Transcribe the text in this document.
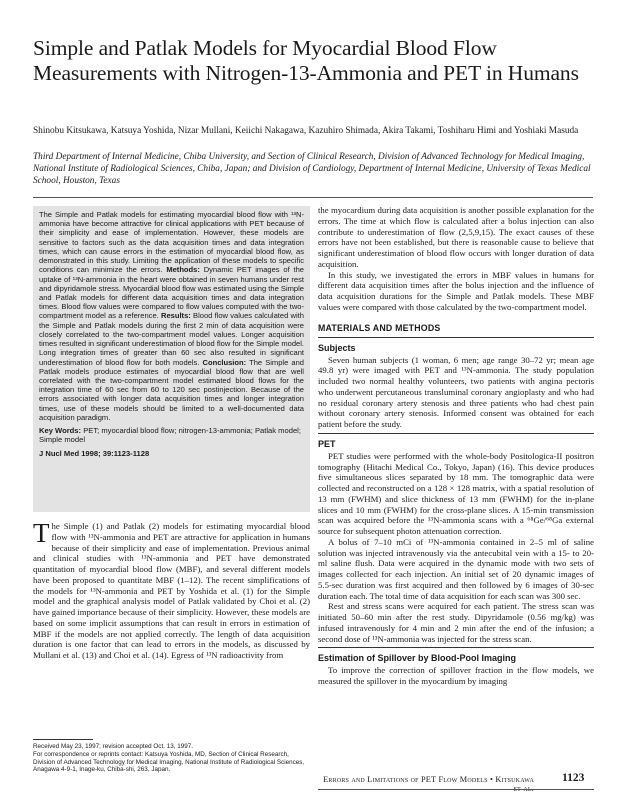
Simple and Patlak Models for Myocardial Blood Flow Measurements with Nitrogen-13-Ammonia and PET in Humans

Shinobu Kitsukawa, Katsuya Yoshida, Nizar Mullani, Keiichi Nakagawa, Kazuhiro Shimada, Akira Takami, Toshiharu Himi and Yoshiaki Masuda

Third Department of Internal Medicine, Chiba University, and Section of Clinical Research, Division of Advanced Technology for Medical Imaging, National Institute of Radiological Sciences, Chiba, Japan; and Division of Cardiology, Department of Internal Medicine, University of Texas Medical School, Houston, Texas

The Simple and Patlak models for estimating myocardial blood flow with ¹³N-ammonia have become attractive for clinical applications with PET because of their simplicity and ease of implementation. However, these models are sensitive to factors such as the data acquisition times and data integration times, which can cause errors in the estimation of myocardial blood flow, as demonstrated in this study. Limiting the application of these models to specific conditions can minimize the errors. Methods: Dynamic PET images of the uptake of ¹³N-ammonia in the heart were obtained in seven humans under rest and dipyridamole stress. Myocardial blood flow was estimated using the Simple and Patlak models for different data acquisition times and data integration times. Blood flow values were compared to flow values computed with the two-compartment model as a reference. Results: Blood flow values calculated with the Simple and Patlak models during the first 2 min of data acquisition were closely correlated to the two-compartment model values. Longer acquisition times resulted in significant underestimation of blood flow for the Simple model. Long integration times of greater than 60 sec also resulted in significant underestimation of blood flow for both models. Conclusion: The Simple and Patlak models produce estimates of myocardial blood flow that are well correlated with the two-compartment model estimated blood flows for the integration time of 60 sec from 60 to 120 sec postinjection. Because of the errors associated with longer data acquisition times and longer integration times, use of these models should be limited to a well-documented data acquisition paradigm.

Key Words: PET; myocardial blood flow; nitrogen-13-ammonia; Patlak model; Simple model

J Nucl Med 1998; 39:1123-1128

The Simple (1) and Patlak (2) models for estimating myocardial blood flow with ¹³N-ammonia and PET are attractive for application in humans because of their simplicity and ease of implementation. Previous animal and clinical studies with ¹³N-ammonia and PET have demonstrated quantitation of myocardial blood flow (MBF), and several different models have been proposed to quantitate MBF (1–12). The recent simplifications of the models for ¹³N-ammonia and PET by Yoshida et al. (1) for the Simple model and the graphical analysis model of Patlak validated by Choi et al. (2) have gained importance because of their simplicity. However, these models are based on some implicit assumptions that can result in errors in estimation of MBF if the models are not applied correctly. The length of data acquisition duration is one factor that can lead to errors in the models, as discussed by Mullani et al. (13) and Choi et al. (14). Egress of ¹³N radioactivity from

Received May 23, 1997; revision accepted Oct. 13, 1997.

For correspondence or reprints contact: Katsuya Yoshida, MD, Section of Clinical Research, Division of Advanced Technology for Medical Imaging, National Institute of Radiological Sciences, Anagawa 4-9-1, Inage-ku, Chiba-shi, 263, Japan.

the myocardium during data acquisition is another possible explanation for the errors. The time at which flow is calculated after a bolus injection can also contribute to underestimation of flow (2,5,9,15). The exact causes of these errors have not been established, but there is reasonable cause to believe that significant underestimation of blood flow occurs with longer duration of data acquisition.

In this study, we investigated the errors in MBF values in humans for different data acquisition times after the bolus injection and the influence of data acquisition durations for the Simple and Patlak models. These MBF values were compared with those calculated by the two-compartment model.

MATERIALS AND METHODS
Subjects

Seven human subjects (1 woman, 6 men; age range 30–72 yr; mean age 49.8 yr) were imaged with PET and ¹³N-ammonia. The study population included two normal healthy volunteers, two patients with angina pectoris who underwent percutaneous transluminal coronary angioplasty and who had no residual coronary artery stenosis and three patients who had chest pain without coronary artery stenosis. Informed consent was obtained for each patient before the study.

PET

PET studies were performed with the whole-body Positologica-II positron tomography (Hitachi Medical Co., Tokyo, Japan) (16). This device produces five simultaneous slices separated by 18 mm. The tomographic data were collected and reconstructed on a 128 × 128 matrix, with a spatial resolution of 13 mm (FWHM) and slice thickness of 13 mm (FWHM) for the in-plane slices and 10 mm (FWHM) for the cross-plane slices. A 15-min transmission scan was acquired before the ¹³N-ammonia scans with a ⁶⁸Ge/⁶⁸Ga external source for subsequent photon attenuation correction.

A bolus of 7–10 mCi of ¹³N-ammonia contained in 2–5 ml of saline solution was injected intravenously via the antecubital vein with a 15- to 20-ml saline flush. Data were acquired in the dynamic mode with two sets of images collected for each injection. An initial set of 20 dynamic images of 5.5-sec duration was first acquired and then followed by 6 images of 30-sec duration each. The total time of data acquisition for each scan was 300 sec.

Rest and stress scans were acquired for each patient. The stress scan was initiated 50–60 min after the rest study. Dipyridamole (0.56 mg/kg) was infused intravenously for 4 min and 2 min after the end of the infusion; a second dose of ¹³N-ammonia was injected for the stress scan.

Estimation of Spillover by Blood-Pool Imaging

To improve the correction of spillover fraction in the flow models, we measured the spillover in the myocardium by imaging

Errors and Limitations of PET Flow Models • Kitsukawa et al.
1123
